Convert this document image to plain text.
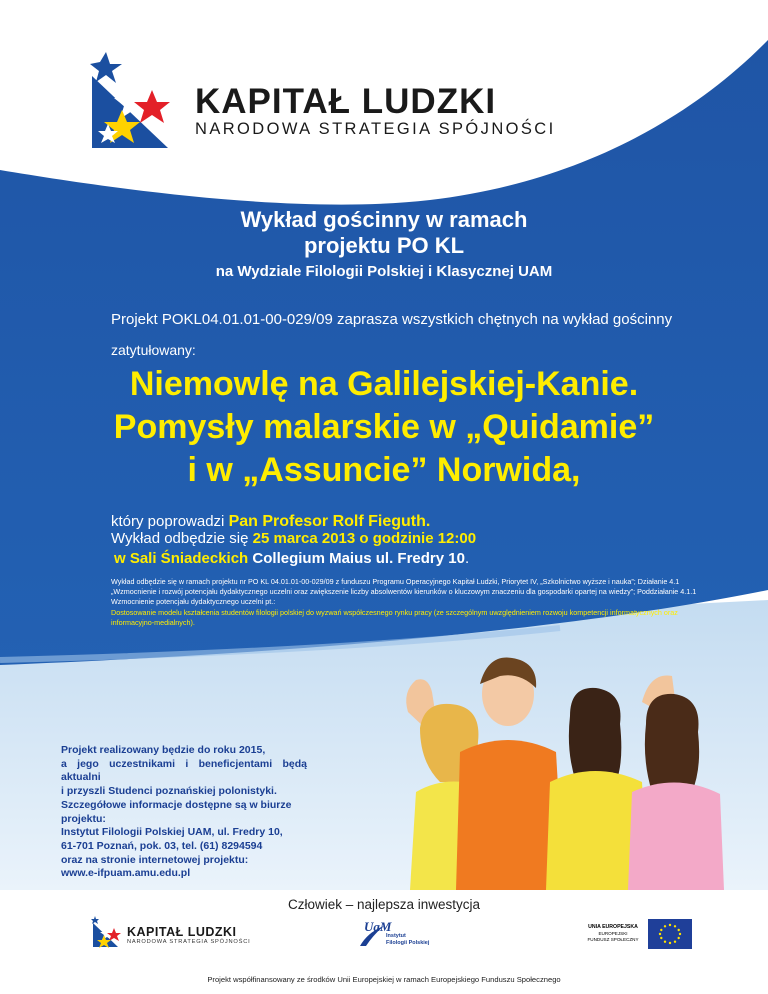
KAPITAŁ LUDZKI
NARODOWA STRATEGIA SPÓJNOŚCI
Wykład gościnny w ramach
projektu PO KL
na Wydziale Filologii Polskiej i Klasycznej UAM
Projekt POKL04.01.01-00-029/09 zaprasza wszystkich chętnych na wykład gościnny
zatytułowany:
Niemowlę na Galilejskiej-Kanie.
Pomysły malarskie w „Quidamie”
i w „Assuncie” Norwida,
który poprowadzi Pan Profesor Rolf Fieguth.
Wykład odbędzie się 25 marca 2013 o godzinie 12:00
w Sali Śniadeckich Collegium Maius ul. Fredry 10.
Wykład odbędzie się w ramach projektu nr PO KL 04.01.01-00-029/09 z funduszu Programu Operacyjnego Kapitał Ludzki, Priorytet IV, „Szkolnictwo wyższe i nauka”; Działanie 4.1 „Wzmocnienie i rozwój potencjału dydaktycznego uczelni oraz zwiększenie liczby absolwentów kierunków o kluczowym znaczeniu dla gospodarki opartej na wiedzy”; Poddziałanie 4.1.1 Wzmocnienie potencjału dydaktycznego uczelni pt.:
Dostosowanie modelu kształcenia studentów filologii polskiej do wyzwań współczesnego rynku pracy (ze szczególnym uwzględnieniem rozwoju kompetencji informatycznych oraz informacyjno-medialnych).
Projekt realizowany będzie do roku 2015,
a jego uczestnikami i beneficjentami będą aktualni
i przyszli Studenci poznańskiej polonistyki.
Szczegółowe informacje dostępne są w biurze
projektu:
Instytut Filologii Polskiej UAM, ul. Fredry 10,
61-701 Poznań, pok. 03, tel. (61) 8294594
oraz na stronie internetowej projektu:
www.e-ifpuam.amu.edu.pl
Człowiek – najlepsza inwestycja
KAPITAŁ LUDZKI
NARODOWA STRATEGIA SPÓJNOŚCI
UaM
Instytut
Filologii Polskiej
UNIA EUROPEJSKA
EUROPEJSKI
FUNDUSZ SPOŁECZNY
Projekt współfinansowany ze środków Unii Europejskiej w ramach Europejskiego Funduszu Społecznego
